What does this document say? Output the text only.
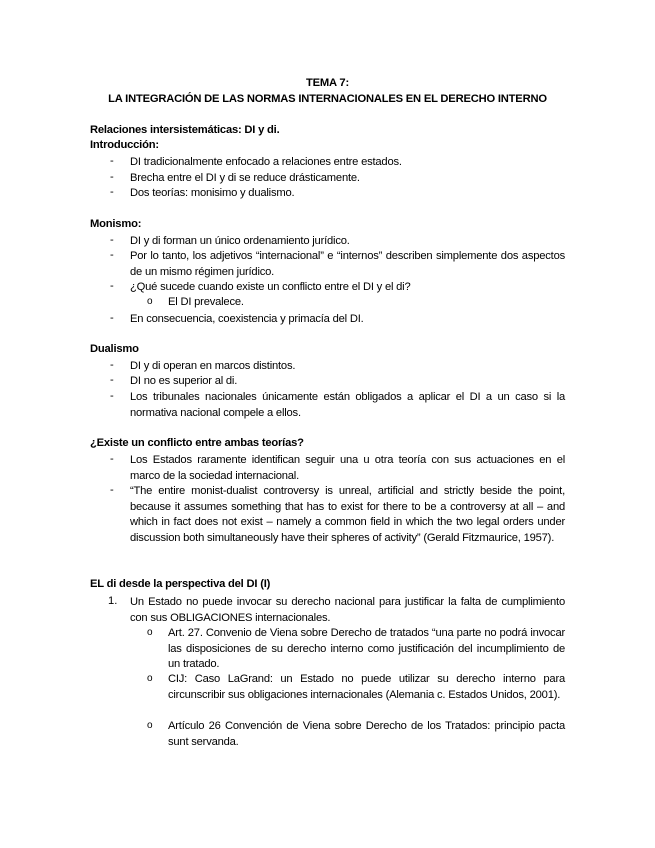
TEMA 7:
LA INTEGRACIÓN DE LAS NORMAS INTERNACIONALES EN EL DERECHO INTERNO
Relaciones intersistemáticas: DI y di.
Introducción:
- DI tradicionalmente enfocado a relaciones entre estados.
- Brecha entre el DI y di se reduce drásticamente.
- Dos teorías: monisimo y dualismo.
Monismo:
- DI y di forman un único ordenamiento jurídico.
- Por lo tanto, los adjetivos “internacional” e “internos” describen simplemente dos aspectos de un mismo régimen jurídico.
- ¿Qué sucede cuando existe un conflicto entre el DI y el di?
o El DI prevalece.
- En consecuencia, coexistencia y primacía del DI.
Dualismo
- DI y di operan en marcos distintos.
- DI no es superior al di.
- Los tribunales nacionales únicamente están obligados a aplicar el DI a un caso si la normativa nacional compele a ellos.
¿Existe un conflicto entre ambas teorías?
- Los Estados raramente identifican seguir una u otra teoría con sus actuaciones en el marco de la sociedad internacional.
- “The entire monist-dualist controversy is unreal, artificial and strictly beside the point, because it assumes something that has to exist for there to be a controversy at all – and which in fact does not exist – namely a common field in which the two legal orders under discussion both simultaneously have their spheres of activity” (Gerald Fitzmaurice, 1957).
EL di desde la perspectiva del DI (I)
1. Un Estado no puede invocar su derecho nacional para justificar la falta de cumplimiento con sus OBLIGACIONES internacionales.
o Art. 27. Convenio de Viena sobre Derecho de tratados “una parte no podrá invocar las disposiciones de su derecho interno como justificación del incumplimiento de un tratado.
o CIJ: Caso LaGrand: un Estado no puede utilizar su derecho interno para circunscribir sus obligaciones internacionales (Alemania c. Estados Unidos, 2001).
o Artículo 26 Convención de Viena sobre Derecho de los Tratados: principio pacta sunt servanda.
